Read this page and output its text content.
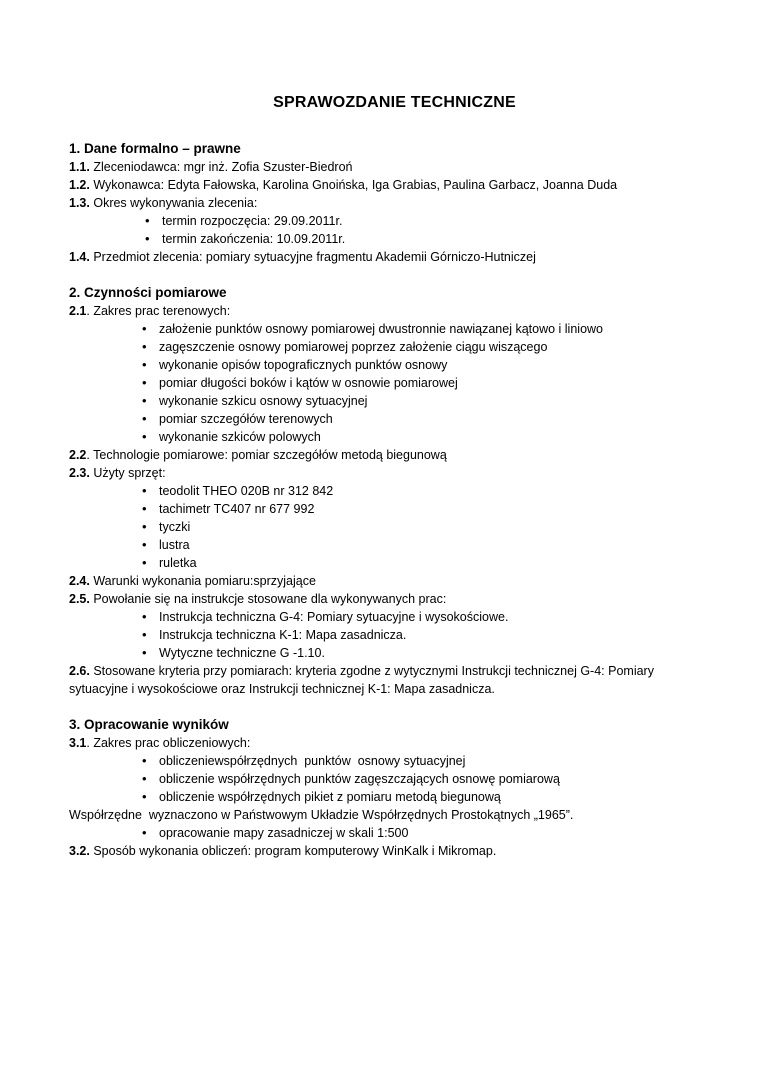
SPRAWOZDANIE TECHNICZNE

1. Dane formalno – prawne

1.1. Zleceniodawca: mgr inż. Zofia Szuster-Biedroń

1.2. Wykonawca: Edyta Fałowska, Karolina Gnoińska, Iga Grabias, Paulina Garbacz, Joanna Duda

1.3. Okres wykonywania zlecenia:

• termin rozpoczęcia: 29.09.2011r.
• termin zakończenia: 10.09.2011r.

1.4. Przedmiot zlecenia: pomiary sytuacyjne fragmentu Akademii Górniczo-Hutniczej

2. Czynności pomiarowe

2.1. Zakres prac terenowych:

• założenie punktów osnowy pomiarowej dwustronnie nawiązanej kątowo i liniowo
• zagęszczenie osnowy pomiarowej poprzez założenie ciągu wiszącego
• wykonanie opisów topograficznych punktów osnowy
• pomiar długości boków i kątów w osnowie pomiarowej
• wykonanie szkicu osnowy sytuacyjnej
• pomiar szczegółów terenowych
• wykonanie szkiców polowych

2.2. Technologie pomiarowe: pomiar szczegółów metodą biegunową

2.3. Użyty sprzęt:

• teodolit THEO 020B nr 312 842
• tachimetr TC407 nr 677 992
• tyczki
• lustra
• ruletka

2.4. Warunki wykonania pomiaru:sprzyjające

2.5. Powołanie się na instrukcje stosowane dla wykonywanych prac:

• Instrukcja techniczna G-4: Pomiary sytuacyjne i wysokościowe.
• Instrukcja techniczna K-1: Mapa zasadnicza.
• Wytyczne techniczne G -1.10.

2.6. Stosowane kryteria przy pomiarach: kryteria zgodne z wytycznymi Instrukcji technicznej G-4: Pomiary sytuacyjne i wysokościowe oraz Instrukcji technicznej K-1: Mapa zasadnicza.

3. Opracowanie wyników

3.1. Zakres prac obliczeniowych:

• obliczeniewspółrzędnych  punktów  osnowy sytuacyjnej
• obliczenie współrzędnych punktów zagęszczających osnowę pomiarową
• obliczenie współrzędnych pikiet z pomiaru metodą biegunową

Współrzędne  wyznaczono w Państwowym Układzie Współrzędnych Prostokątnych „1965”.

• opracowanie mapy zasadniczej w skali 1:500

3.2. Sposób wykonania obliczeń: program komputerowy WinKalk i Mikromap.
